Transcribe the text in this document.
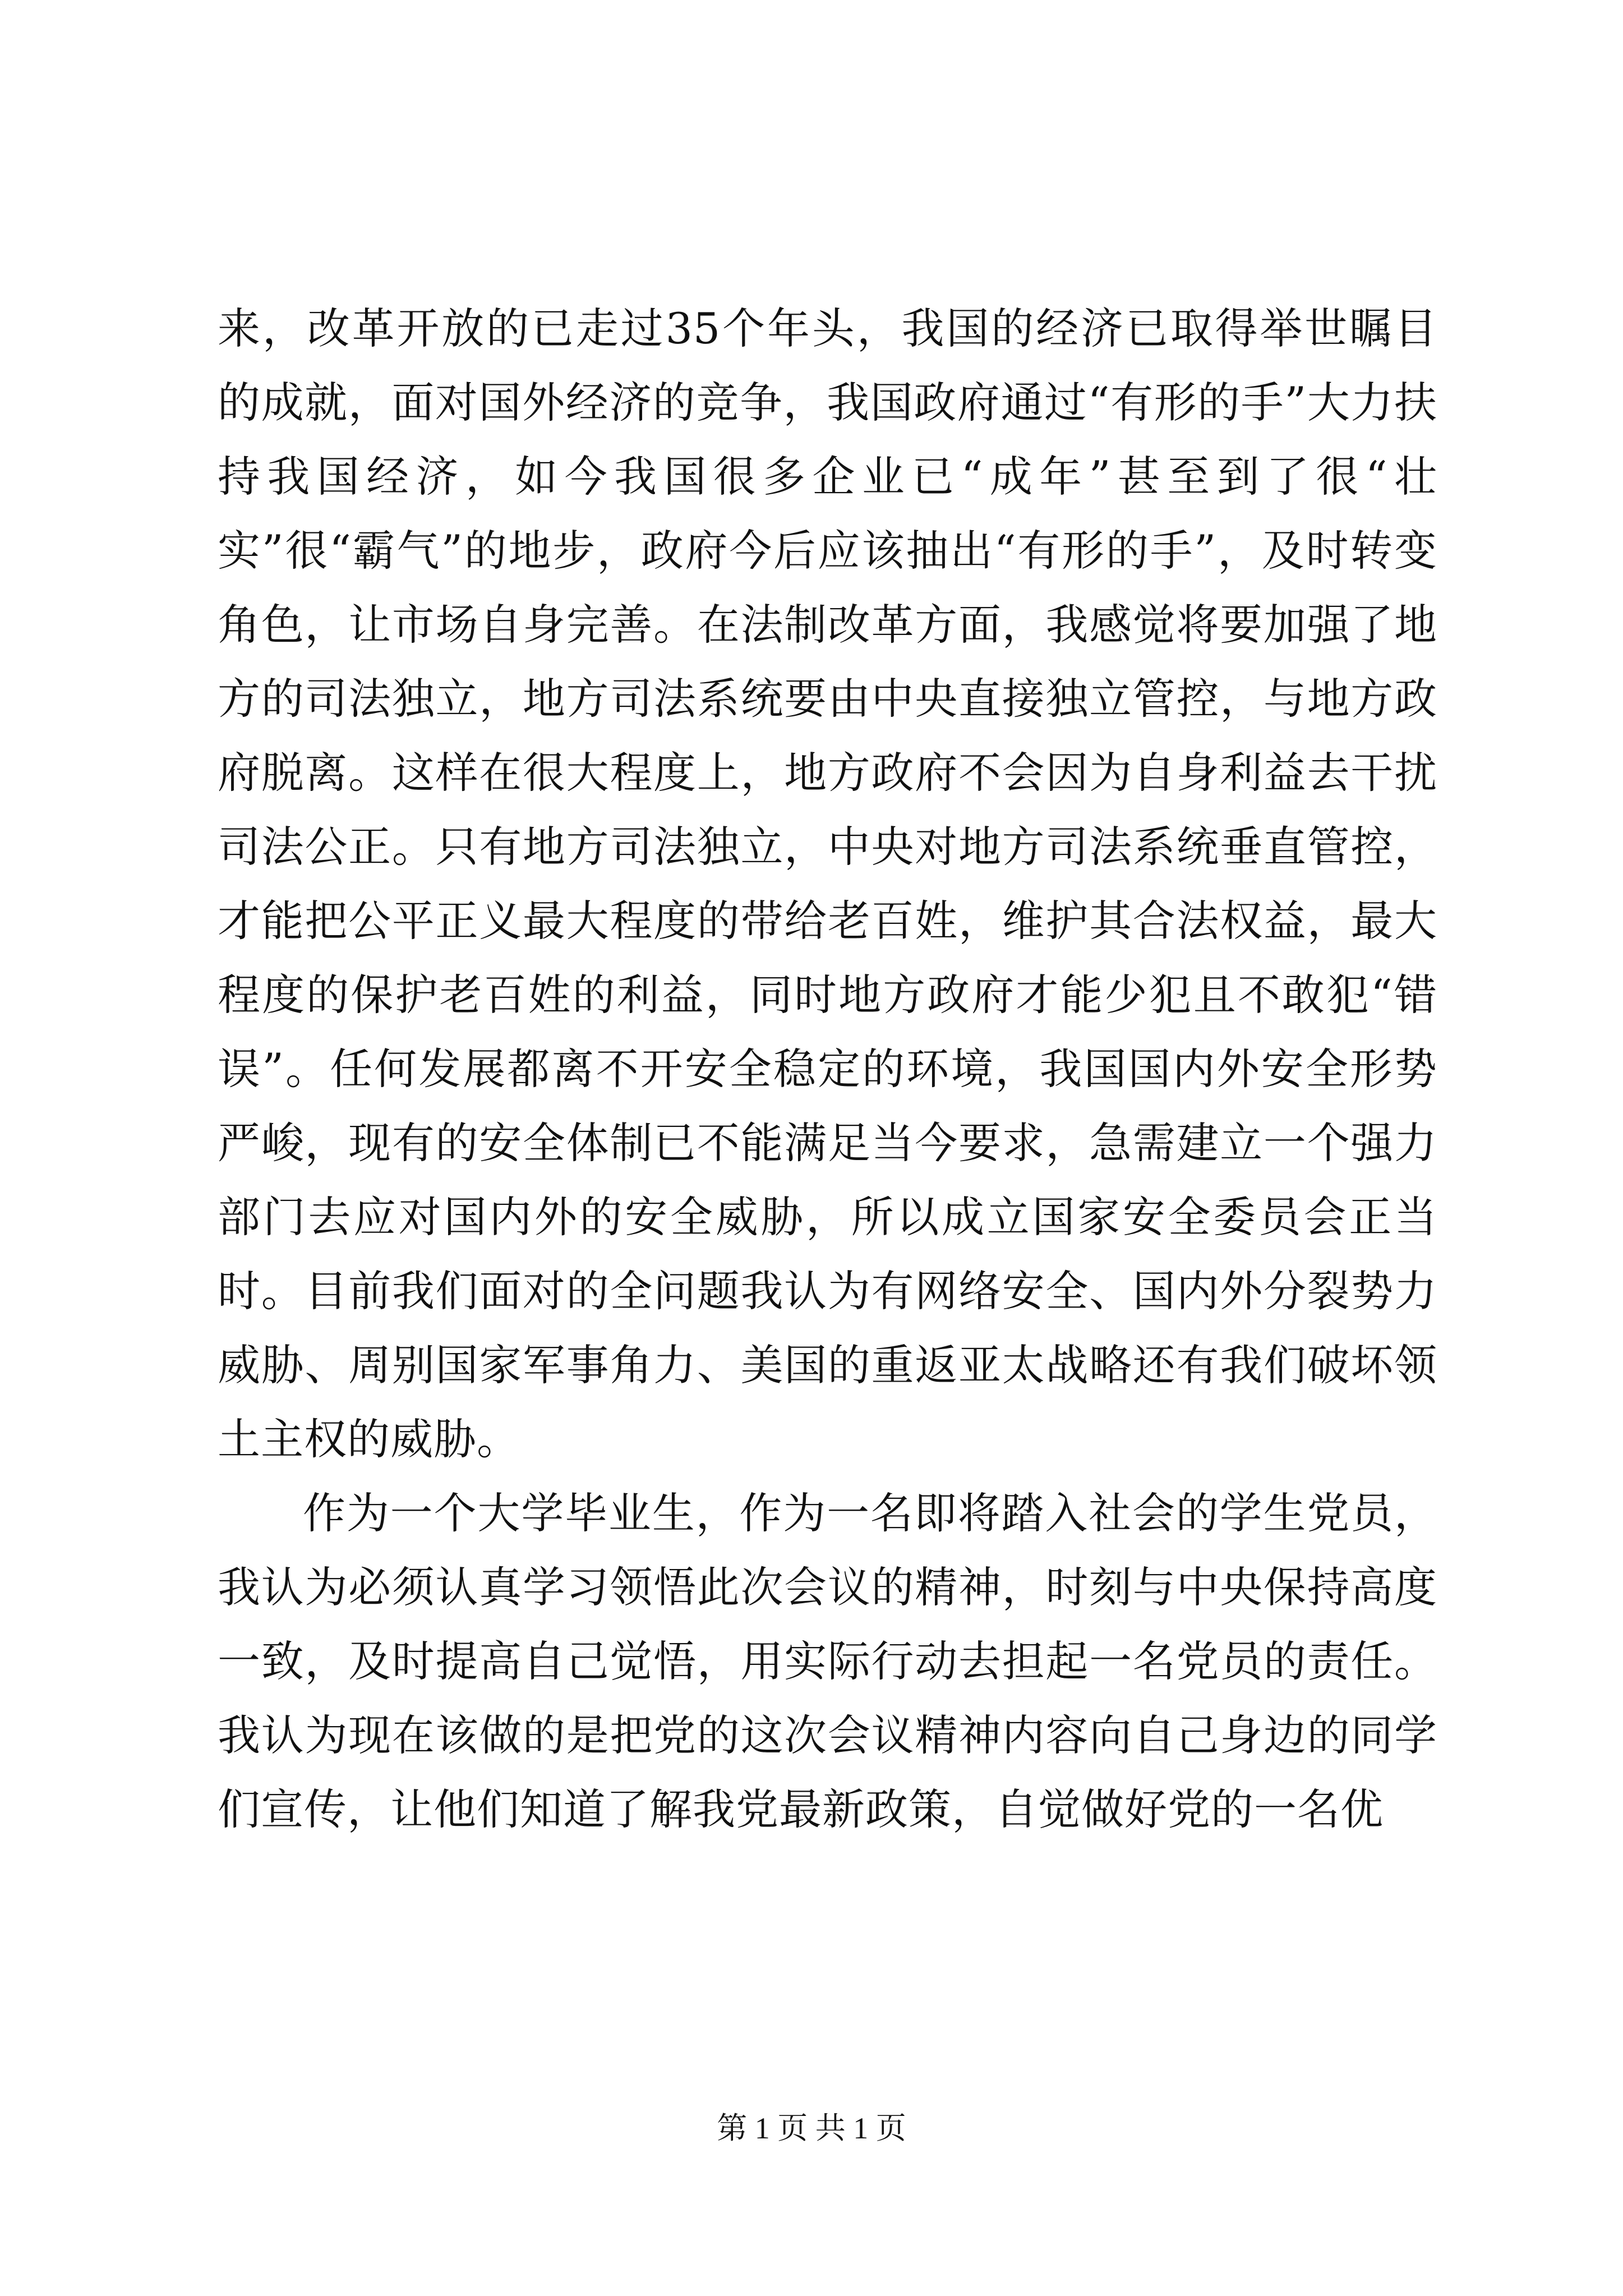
来，改革开放的已走过35个年头，我国的经济已取得举世瞩目的成就，面对国外经济的竞争，我国政府通过“有形的手”大力扶持我国经济，如今我国很多企业已“成年”甚至到了很“壮实”很“霸气”的地步，政府今后应该抽出“有形的手”，及时转变角色，让市场自身完善。在法制改革方面，我感觉将要加强了地方的司法独立，地方司法系统要由中央直接独立管控，与地方政府脱离。这样在很大程度上，地方政府不会因为自身利益去干扰司法公正。只有地方司法独立，中央对地方司法系统垂直管控，才能把公平正义最大程度的带给老百姓，维护其合法权益，最大程度的保护老百姓的利益，同时地方政府才能少犯且不敢犯“错误”。任何发展都离不开安全稳定的环境，我国国内外安全形势严峻，现有的安全体制已不能满足当今要求，急需建立一个强力部门去应对国内外的安全威胁，所以成立国家安全委员会正当时。目前我们面对的全问题我认为有网络安全、国内外分裂势力威胁、周别国家军事角力、美国的重返亚太战略还有我们破坏领土主权的威胁。

作为一个大学毕业生，作为一名即将踏入社会的学生党员，我认为必须认真学习领悟此次会议的精神，时刻与中央保持高度一致，及时提高自己觉悟，用实际行动去担起一名党员的责任。我认为现在该做的是把党的这次会议精神内容向自己身边的同学们宣传，让他们知道了解我党最新政策，自觉做好党的一名优

第 1 页 共 1 页
